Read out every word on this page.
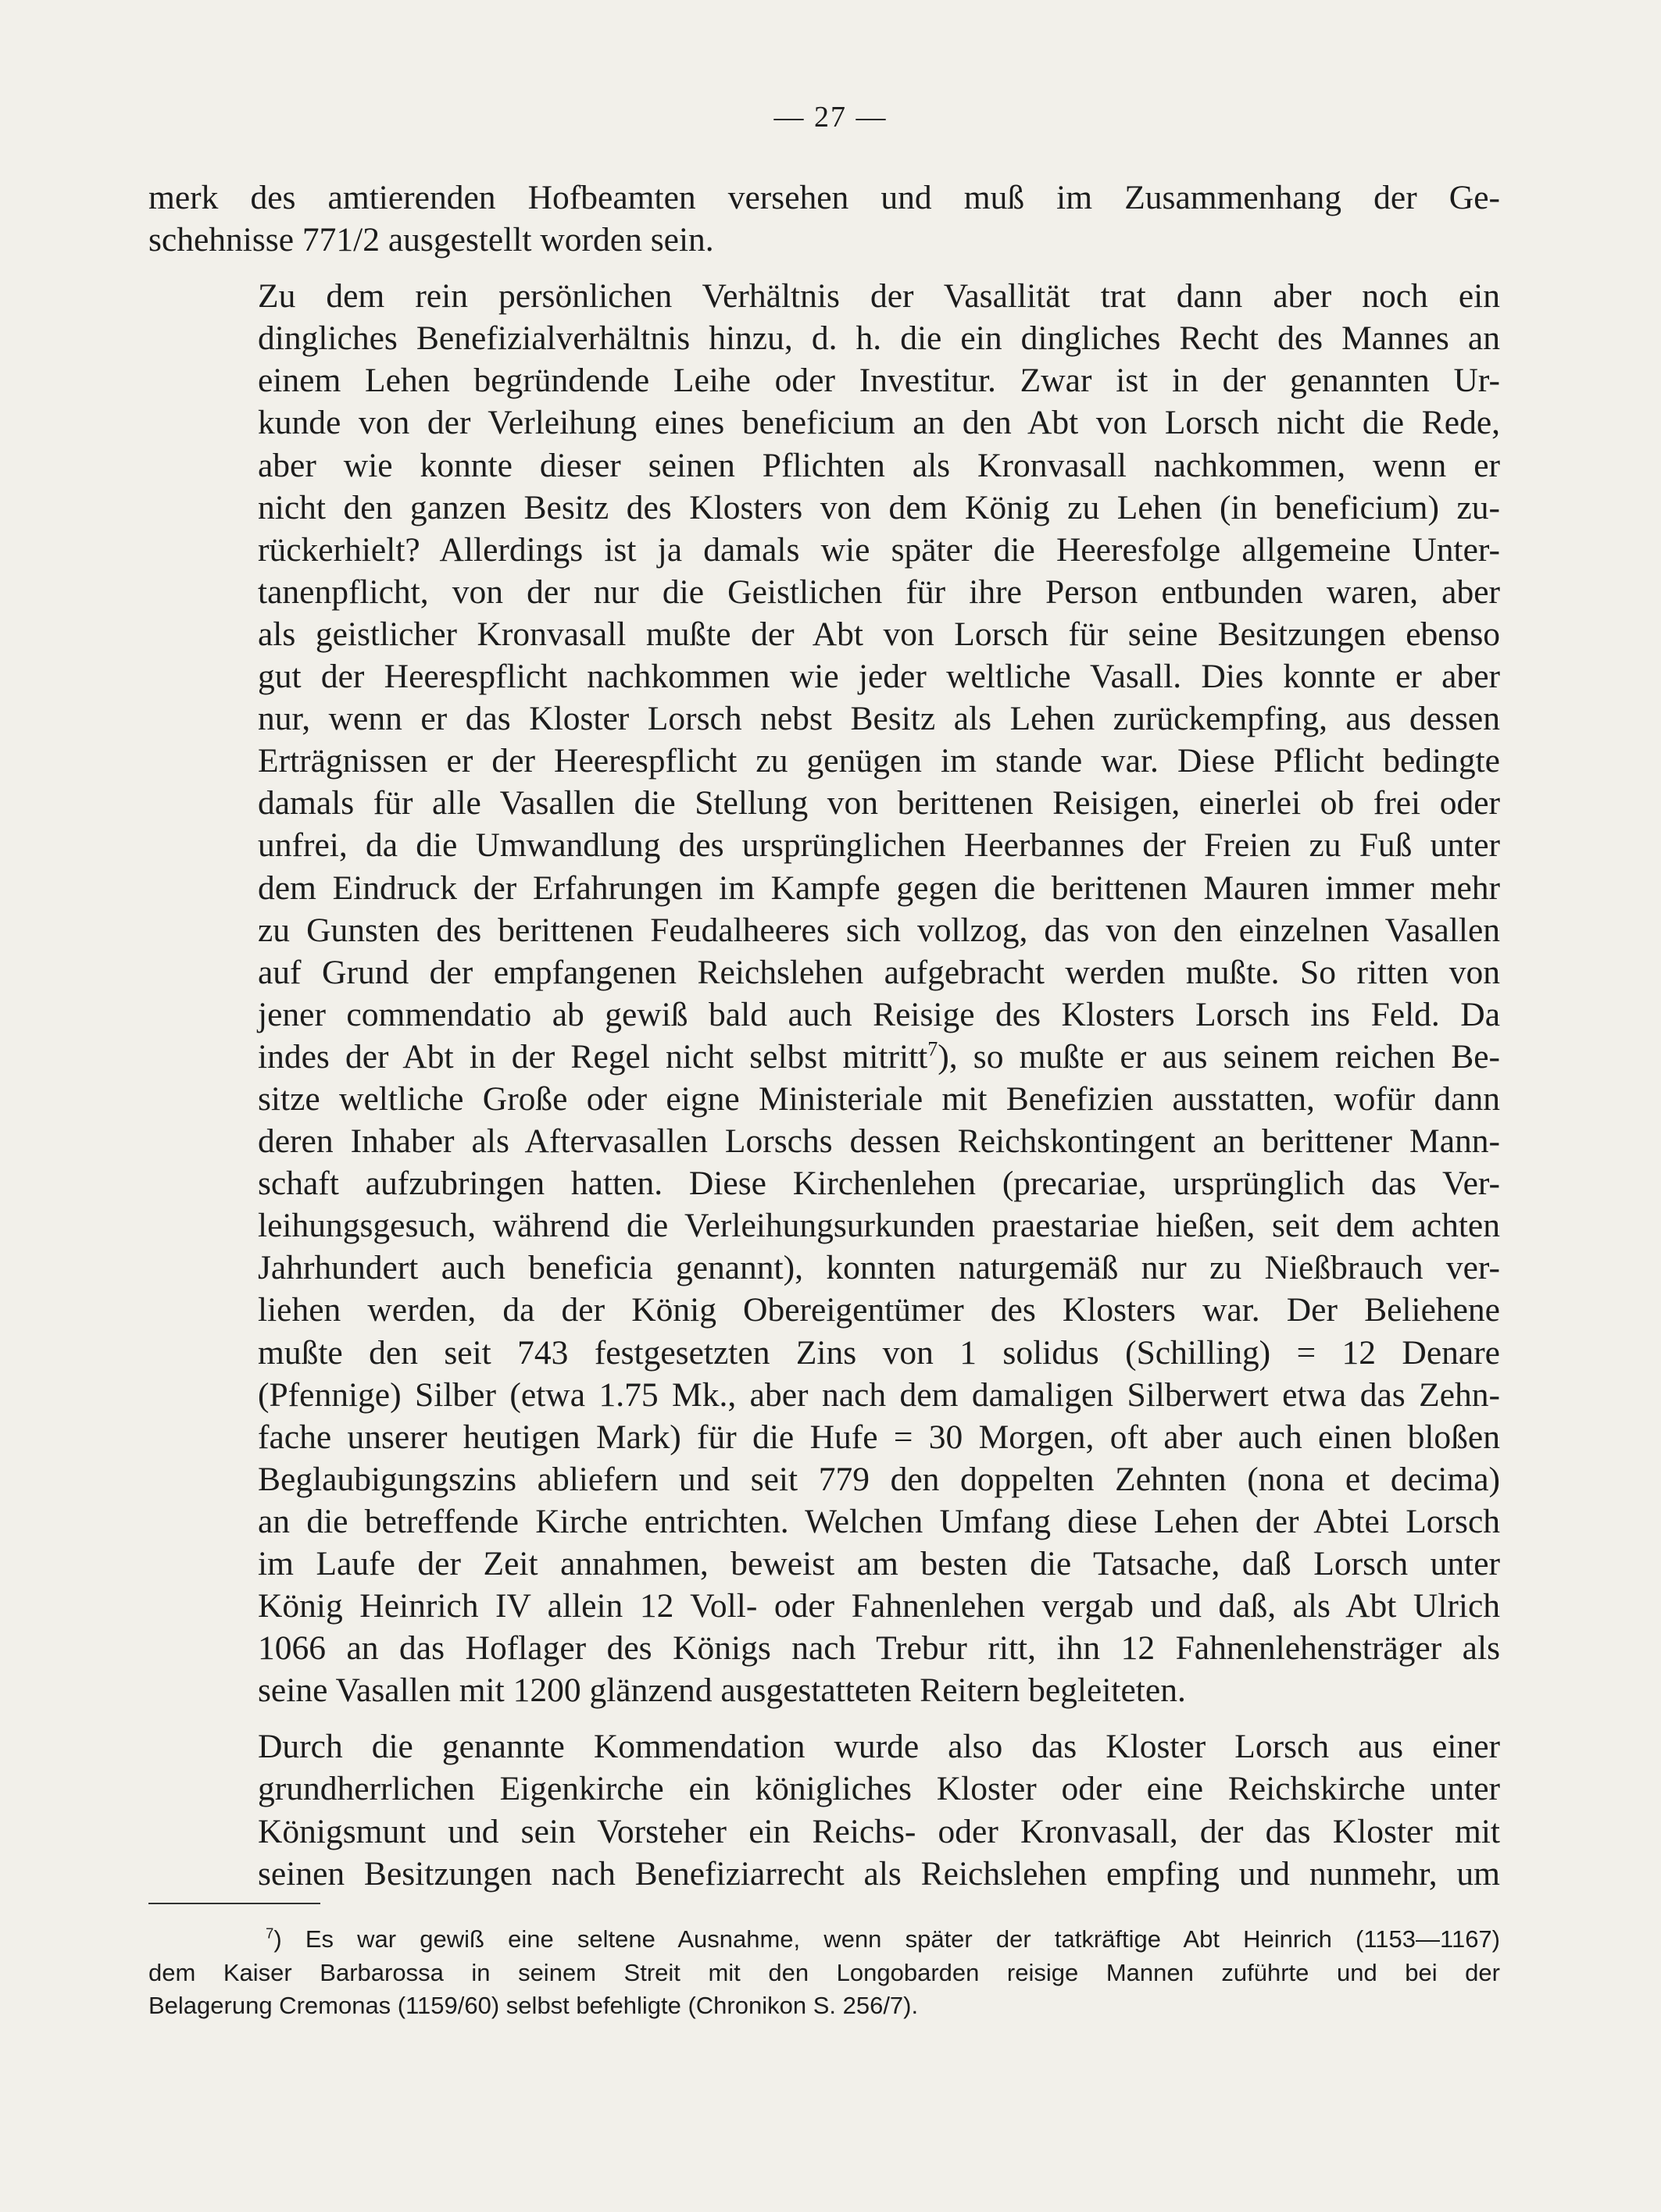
— 27 —

merk des amtierenden Hofbeamten versehen und muß im Zusammenhang der Ge-
schehnisse 771/2 ausgestellt worden sein.

Zu dem rein persönlichen Verhältnis der Vasallität trat dann aber noch ein
dingliches Benefizialverhältnis hinzu, d. h. die ein dingliches Recht des Mannes an
einem Lehen begründende Leihe oder Investitur. Zwar ist in der genannten Ur-
kunde von der Verleihung eines beneficium an den Abt von Lorsch nicht die Rede,
aber wie konnte dieser seinen Pflichten als Kronvasall nachkommen, wenn er
nicht den ganzen Besitz des Klosters von dem König zu Lehen (in beneficium) zu-
rückerhielt? Allerdings ist ja damals wie später die Heeresfolge allgemeine Unter-
tanenpflicht, von der nur die Geistlichen für ihre Person entbunden waren, aber
als geistlicher Kronvasall mußte der Abt von Lorsch für seine Besitzungen ebenso
gut der Heerespflicht nachkommen wie jeder weltliche Vasall. Dies konnte er aber
nur, wenn er das Kloster Lorsch nebst Besitz als Lehen zurückempfing, aus dessen
Erträgnissen er der Heerespflicht zu genügen im stande war. Diese Pflicht bedingte
damals für alle Vasallen die Stellung von berittenen Reisigen, einerlei ob frei oder
unfrei, da die Umwandlung des ursprünglichen Heerbannes der Freien zu Fuß unter
dem Eindruck der Erfahrungen im Kampfe gegen die berittenen Mauren immer mehr
zu Gunsten des berittenen Feudalheeres sich vollzog, das von den einzelnen Vasallen
auf Grund der empfangenen Reichslehen aufgebracht werden mußte. So ritten von
jener commendatio ab gewiß bald auch Reisige des Klosters Lorsch ins Feld. Da
indes der Abt in der Regel nicht selbst mitritt$^7$), so mußte er aus seinem reichen Be-
sitze weltliche Große oder eigne Ministeriale mit Benefizien ausstatten, wofür dann
deren Inhaber als Aftervasallen Lorschs dessen Reichskontingent an berittener Mann-
schaft aufzubringen hatten. Diese Kirchenlehen (precariae, ursprünglich das Ver-
leihungsgesuch, während die Verleihungsurkunden praestariae hießen, seit dem achten
Jahrhundert auch beneficia genannt), konnten naturgemäß nur zu Nießbrauch ver-
liehen werden, da der König Obereigentümer des Klosters war. Der Beliehene
mußte den seit 743 festgesetzten Zins von 1 solidus (Schilling) = 12 Denare
(Pfennige) Silber (etwa 1.75 Mk., aber nach dem damaligen Silberwert etwa das Zehn-
fache unserer heutigen Mark) für die Hufe = 30 Morgen, oft aber auch einen bloßen
Beglaubigungszins abliefern und seit 779 den doppelten Zehnten (nona et decima)
an die betreffende Kirche entrichten. Welchen Umfang diese Lehen der Abtei Lorsch
im Laufe der Zeit annahmen, beweist am besten die Tatsache, daß Lorsch unter
König Heinrich IV allein 12 Voll- oder Fahnenlehen vergab und daß, als Abt Ulrich
1066 an das Hoflager des Königs nach Trebur ritt, ihn 12 Fahnenlehensträger als
seine Vasallen mit 1200 glänzend ausgestatteten Reitern begleiteten.

Durch die genannte Kommendation wurde also das Kloster Lorsch aus einer
grundherrlichen Eigenkirche ein königliches Kloster oder eine Reichskirche unter
Königsmunt und sein Vorsteher ein Reichs- oder Kronvasall, der das Kloster mit
seinen Besitzungen nach Benefiziarrecht als Reichslehen empfing und nunmehr, um

$^7$) Es war gewiß eine seltene Ausnahme, wenn später der tatkräftige Abt Heinrich (1153—1167)
dem Kaiser Barbarossa in seinem Streit mit den Longobarden reisige Mannen zuführte und bei der
Belagerung Cremonas (1159/60) selbst befehligte (Chronikon S. 256/7).
